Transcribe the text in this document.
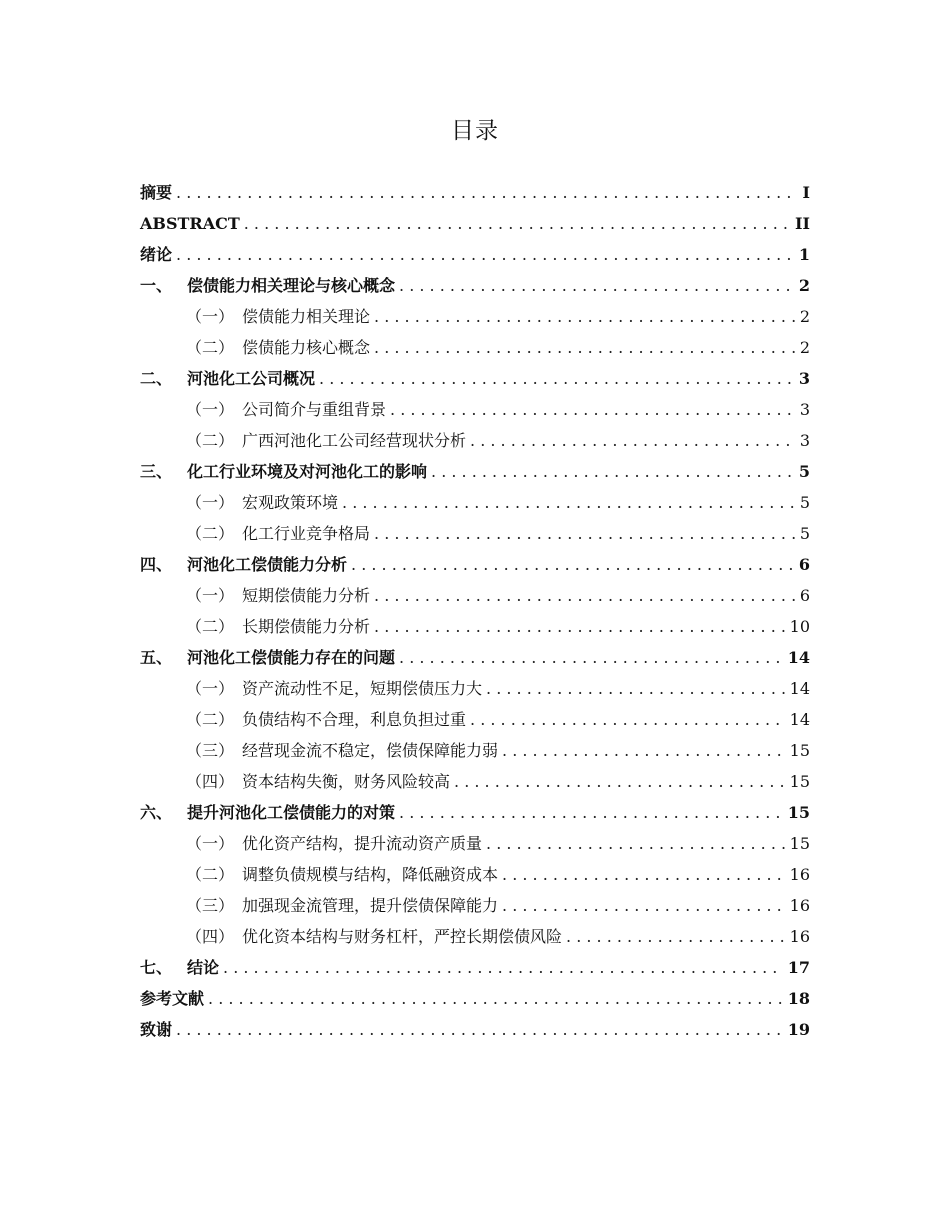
目录
摘要 . . .	I
ABSTRACT . . .	II
绪论 . . .	1
一、 偿债能力相关理论与核心概念 . . .	2
（一） 偿债能力相关理论 . . .	2
（二） 偿债能力核心概念 . . .	2
二、 河池化工公司概况 . . .	3
（一） 公司简介与重组背景 . . .	3
（二） 广西河池化工公司经营现状分析 . . .	3
三、 化工行业环境及对河池化工的影响 . . .	5
（一） 宏观政策环境 . . .	5
（二） 化工行业竞争格局 . . .	5
四、 河池化工偿债能力分析 . . .	6
（一） 短期偿债能力分析 . . .	6
（二） 长期偿债能力分析 . . .	10
五、 河池化工偿债能力存在的问题 . . .	14
（一） 资产流动性不足，短期偿债压力大 . . .	14
（二） 负债结构不合理，利息负担过重 . . .	14
（三） 经营现金流不稳定，偿债保障能力弱 . . .	15
（四） 资本结构失衡，财务风险较高 . . .	15
六、 提升河池化工偿债能力的对策 . . .	15
（一） 优化资产结构，提升流动资产质量 . . .	15
（二） 调整负债规模与结构，降低融资成本 . . .	16
（三） 加强现金流管理，提升偿债保障能力 . . .	16
（四） 优化资本结构与财务杠杆，严控长期偿债风险 . . .	16
七、 结论 . . .	17
参考文献 . . .	18
致谢 . . .	19
